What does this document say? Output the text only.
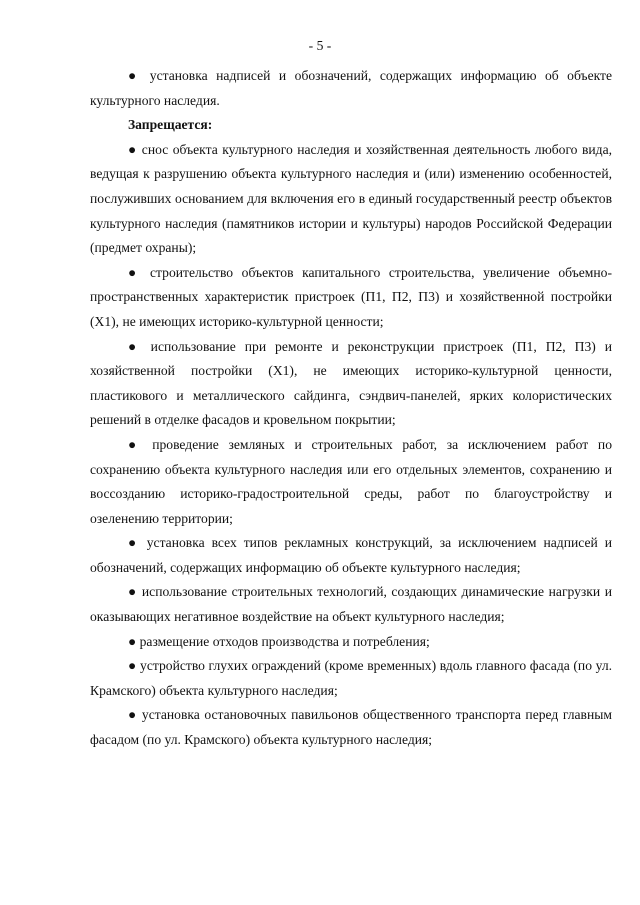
- 5 -

● установка надписей и обозначений, содержащих информацию об объекте культурного наследия.

Запрещается:

● снос объекта культурного наследия и хозяйственная деятельность любого вида, ведущая к разрушению объекта культурного наследия и (или) изменению особенностей, послуживших основанием для включения его в единый государственный реестр объектов культурного наследия (памятников истории и культуры) народов Российской Федерации (предмет охраны);

● строительство объектов капитального строительства, увеличение объемно-пространственных характеристик пристроек (П1, П2, П3) и хозяйственной постройки (Х1), не имеющих историко-культурной ценности;

● использование при ремонте и реконструкции пристроек (П1, П2, П3) и хозяйственной постройки (Х1), не имеющих историко-культурной ценности, пластикового и металлического сайдинга, сэндвич-панелей, ярких колористических решений в отделке фасадов и кровельном покрытии;

● проведение земляных и строительных работ, за исключением работ по сохранению объекта культурного наследия или его отдельных элементов, сохранению и воссозданию историко-градостроительной среды, работ по благоустройству и озеленению территории;

● установка всех типов рекламных конструкций, за исключением надписей и обозначений, содержащих информацию об объекте культурного наследия;

● использование строительных технологий, создающих динамические нагрузки и оказывающих негативное воздействие на объект культурного наследия;

● размещение отходов производства и потребления;

● устройство глухих ограждений (кроме временных) вдоль главного фасада (по ул. Крамского) объекта культурного наследия;

● установка остановочных павильонов общественного транспорта перед главным фасадом (по ул. Крамского) объекта культурного наследия;
